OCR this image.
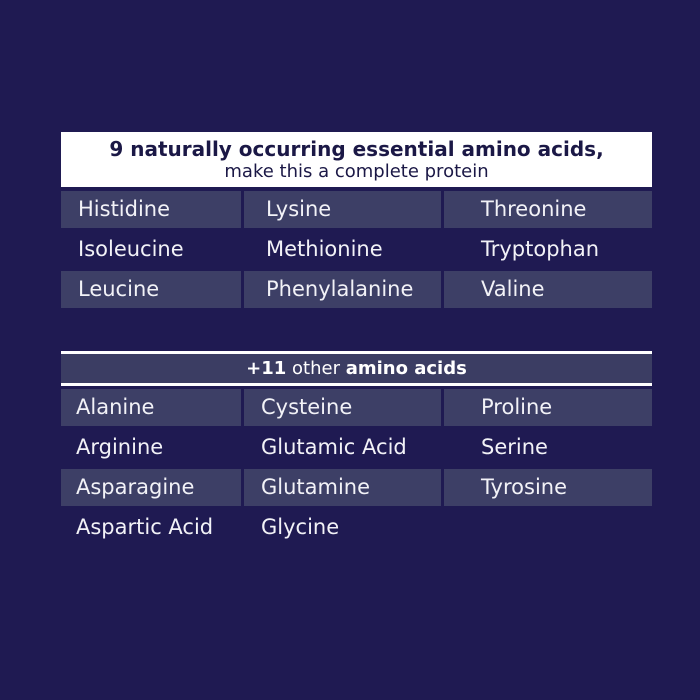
9 naturally occurring essential amino acids,
make this a complete protein
Histidine	Lysine	Threonine
Isoleucine	Methionine	Tryptophan
Leucine	Phenylalanine	Valine
+11 other amino acids
Alanine	Cysteine	Proline
Arginine	Glutamic Acid	Serine
Asparagine	Glutamine	Tyrosine
Aspartic Acid	Glycine
